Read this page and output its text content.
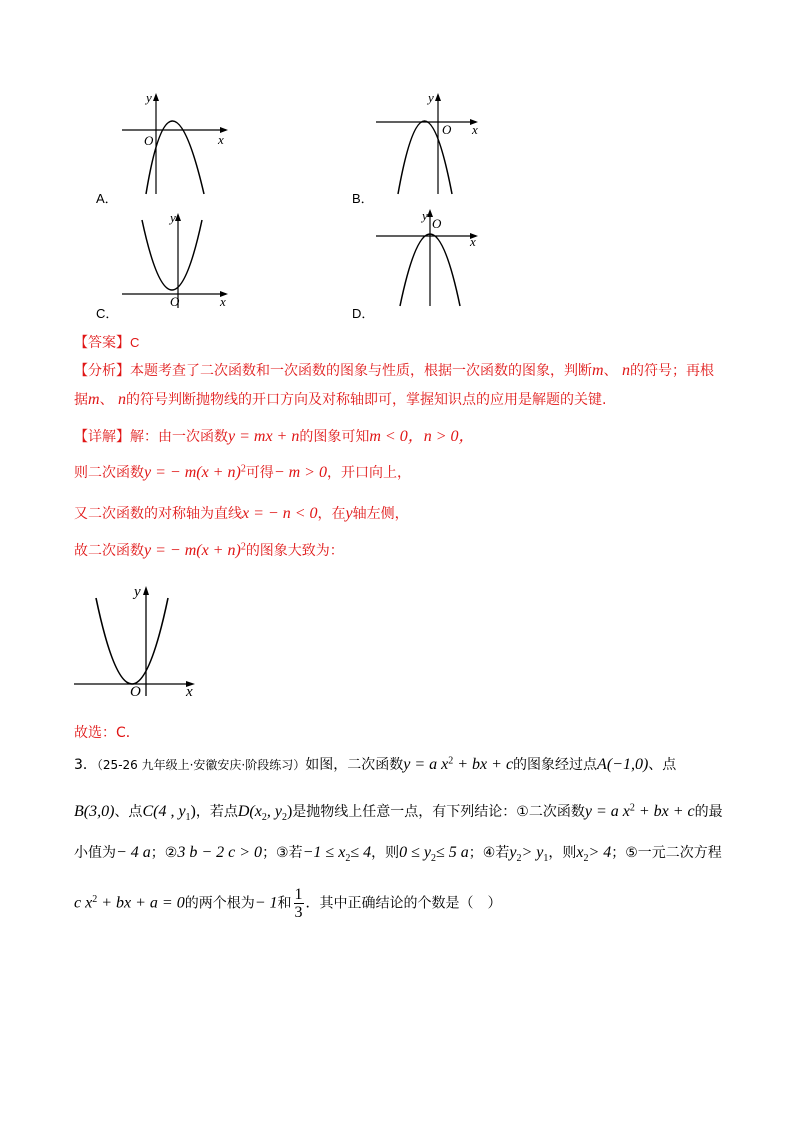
y
O	x
A．
y
O x
B．
y
O	x
C．
y
O
x
D．
【答案】C
【分析】本题考查了二次函数和一次函数的图象与性质，根据一次函数的图象，判断m、 n的符号；再根
据m、 n的符号判断抛物线的开口方向及对称轴即可，掌握知识点的应用是解题的关键.
【详解】解：由一次函数y = mx + n的图象可知m < 0，n > 0，
则二次函数y = − $m(x + n)^2$可得− m > 0，开口向上，
又二次函数的对称轴为直线x = − n < 0，在y轴左侧，
故二次函数y = − $m(x + n)^2$的图象大致为：
y
O	x
故选：C．
3．（25-26 九年级上·安徽安庆·阶段练习）如图，二次函数y = a $x^2$ + bx + c的图象经过点A(−1,0)、点
B(3,0)、点C(4 , $y_1$)，若点$D(x_2$, $y_2$)是抛物线上任意一点，有下列结论：①二次函数y = a $x^2$ + bx + c的最
小值为− 4 a；②3 b − 2 c > 0；③若$-1 \le x_2\le 4$，则$0 \le y_2\le 5$ a；④若$y_2> y_1$，则$x_2> 4$；⑤一元二次方程
c $x^2$ + bx + a = 0的两个根为− 1和 $\frac{1}{3}$ ．其中正确结论的个数是（　）
